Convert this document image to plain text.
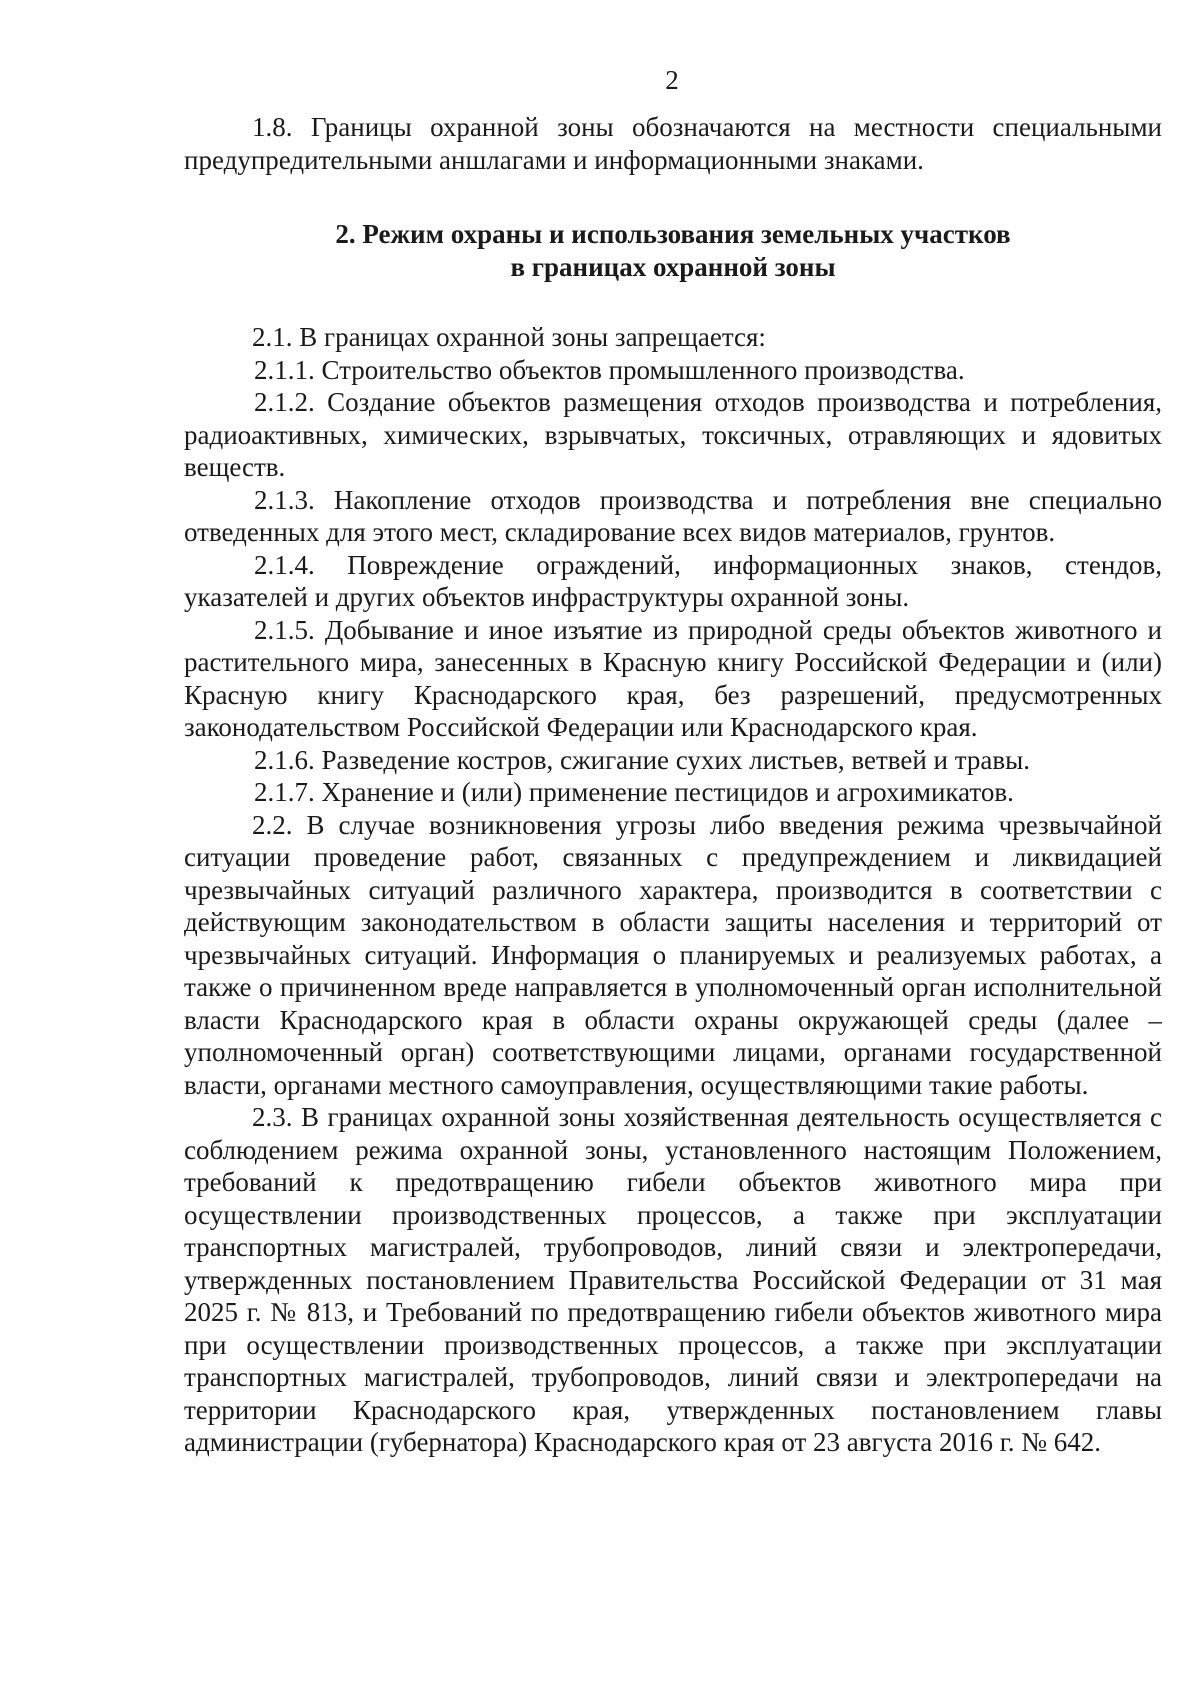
2

1.8. Границы охранной зоны обозначаются на местности специальными предупредительными аншлагами и информационными знаками.

2. Режим охраны и использования земельных участков
в границах охранной зоны

2.1. В границах охранной зоны запрещается:

2.1.1. Строительство объектов промышленного производства.

2.1.2. Создание объектов размещения отходов производства и потребления, радиоактивных, химических, взрывчатых, токсичных, отравляющих и ядовитых веществ.

2.1.3. Накопление отходов производства и потребления вне специально отведенных для этого мест, складирование всех видов материалов, грунтов.

2.1.4. Повреждение ограждений, информационных знаков, стендов, указателей и других объектов инфраструктуры охранной зоны.

2.1.5. Добывание и иное изъятие из природной среды объектов животного и растительного мира, занесенных в Красную книгу Российской Федерации и (или) Красную книгу Краснодарского края, без разрешений, предусмотренных законодательством Российской Федерации или Краснодарского края.

2.1.6. Разведение костров, сжигание сухих листьев, ветвей и травы.

2.1.7. Хранение и (или) применение пестицидов и агрохимикатов.

2.2. В случае возникновения угрозы либо введения режима чрезвычайной ситуации проведение работ, связанных с предупреждением и ликвидацией чрезвычайных ситуаций различного характера, производится в соответствии с действующим законодательством в области защиты населения и территорий от чрезвычайных ситуаций. Информация о планируемых и реализуемых работах, а также о причиненном вреде направляется в уполномоченный орган исполнительной власти Краснодарского края в области охраны окружающей среды (далее – уполномоченный орган) соответствующими лицами, органами государственной власти, органами местного самоуправления, осуществляющими такие работы.

2.3. В границах охранной зоны хозяйственная деятельность осуществляется с соблюдением режима охранной зоны, установленного настоящим Положением, требований к предотвращению гибели объектов животного мира при осуществлении производственных процессов, а также при эксплуатации транспортных магистралей, трубопроводов, линий связи и электропередачи, утвержденных постановлением Правительства Российской Федерации от 31 мая 2025 г. № 813, и Требований по предотвращению гибели объектов животного мира при осуществлении производственных процессов, а также при эксплуатации транспортных магистралей, трубопроводов, линий связи и электропередачи на территории Краснодарского края, утвержденных постановлением главы администрации (губернатора) Краснодарского края от 23 августа 2016 г. № 642.
